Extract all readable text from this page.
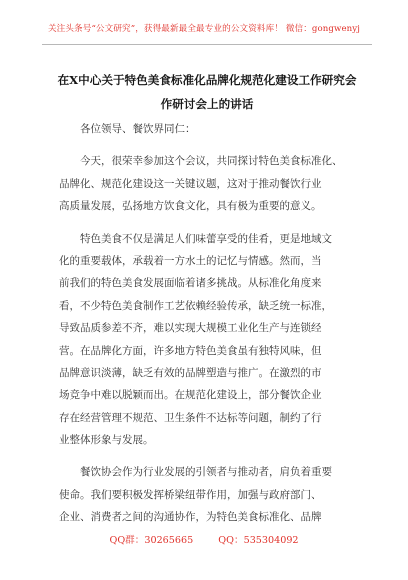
关注头条号“公文研究”，获得最新最全最专业的公文资料库！ 微信：gongwenyj
在X中心关于特色美食标准化品牌化规范化建设工作研究会
作研讨会上的讲话
各位领导、餐饮界同仁：
今天，很荣幸参加这个会议，共同探讨特色美食标准化、
品牌化、规范化建设这一关键议题，这对于推动餐饮行业
高质量发展，弘扬地方饮食文化，具有极为重要的意义。
特色美食不仅是满足人们味蕾享受的佳肴，更是地域文
化的重要载体，承载着一方水土的记忆与情感。然而，当
前我们的特色美食发展面临着诸多挑战。从标准化角度来
看，不少特色美食制作工艺依赖经验传承，缺乏统一标准，
导致品质参差不齐，难以实现大规模工业化生产与连锁经
营。在品牌化方面，许多地方特色美食虽有独特风味，但
品牌意识淡薄，缺乏有效的品牌塑造与推广。在激烈的市
场竞争中难以脱颖而出。在规范化建设上，部分餐饮企业
存在经营管理不规范、卫生条件不达标等问题，制约了行
业整体形象与发展。
餐饮协会作为行业发展的引领者与推动者，肩负着重要
使命。我们要积极发挥桥梁纽带作用，加强与政府部门、
企业、消费者之间的沟通协作，为特色美食标准化、品牌
QQ群：30265665	QQ：535304092
